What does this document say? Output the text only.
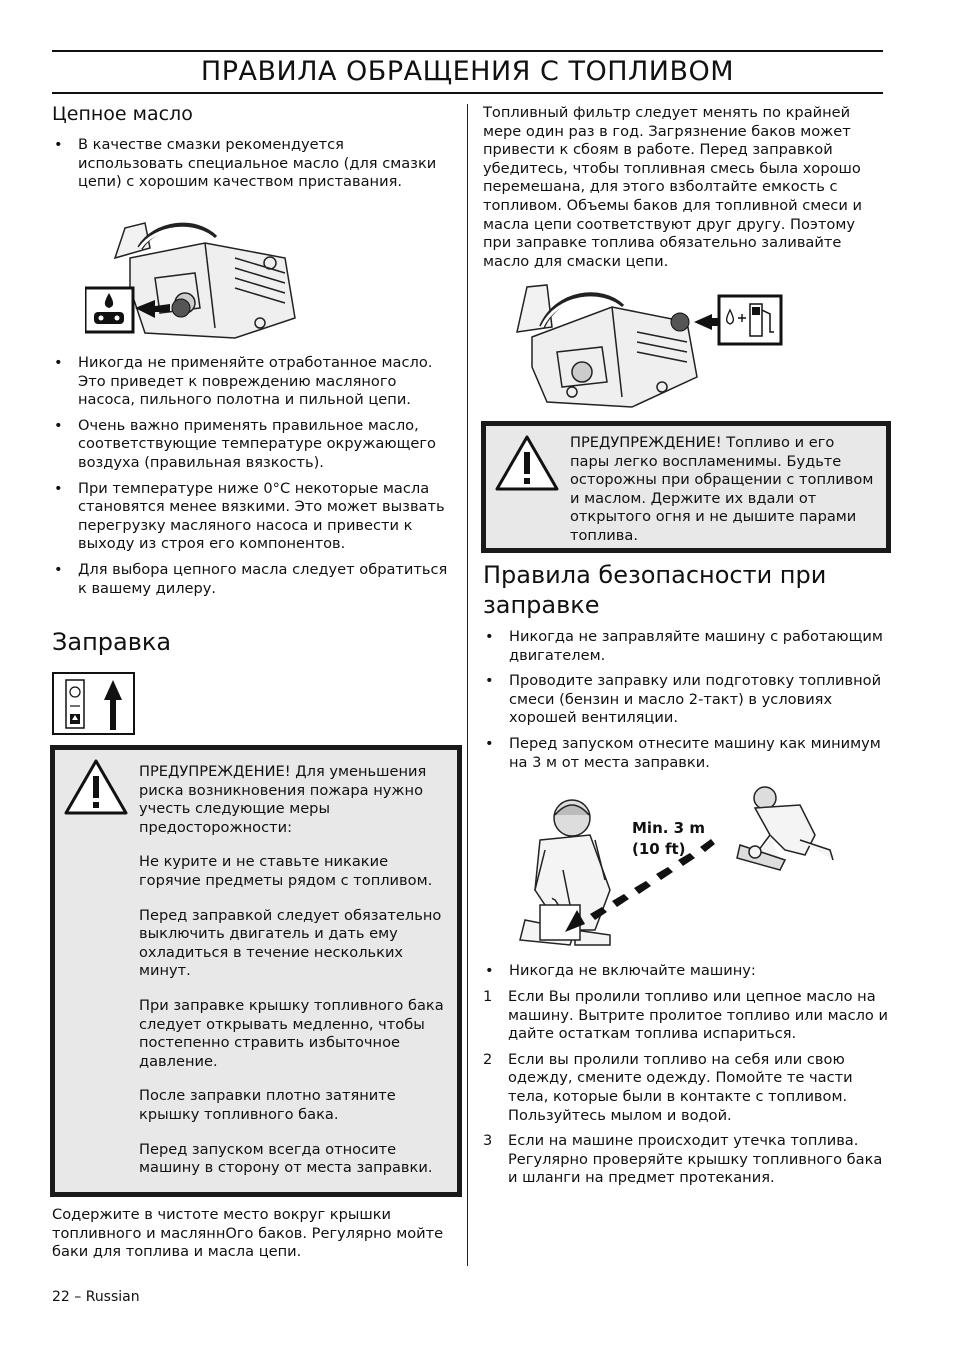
ПРАВИЛА ОБРАЩЕНИЯ С ТОПЛИВОМ
Цепное масло
• В качестве смазки рекомендуется использовать специальное масло (для смазки цепи) с хорошим качеством приставания.
• Никогда не применяйте отработанное масло. Это приведет к повреждению масляного насоса, пильного полотна и пильной цепи.
• Очень важно применять правильное масло, соответствующие температуре окружающего воздуха (правильная вязкость).
• При температуре ниже 0°C некоторые масла становятся менее вязкими. Это может вызвать перегрузку масляного насоса и привести к выходу из строя его компонентов.
• Для выбора цепного масла следует обратиться к вашему дилеру.
Заправка

ПРЕДУПРЕЖДЕНИЕ! Для уменьшения риска возникновения пожара нужно учесть следующие меры предосторожности:

Не курите и не ставьте никакие горячие предметы рядом с топливом.

Перед заправкой следует обязательно выключить двигатель и дать ему охладиться в течение нескольких минут.

При заправке крышку топливного бака следует открывать медленно, чтобы постепенно стравить избыточное давление.

После заправки плотно затяните крышку топливного бака.

Перед запуском всегда относите машину в сторону от места заправки.

Содержите в чистоте место вокруг крышки топливного и масляннОго баков. Регулярно мойте баки для топлива и масла цепи.
Топливный фильтр следует менять по крайней мере один раз в год. Загрязнение баков может привести к сбоям в работе. Перед заправкой убедитесь, чтобы топливная смесь была хорошо перемешана, для этого взболтайте емкость с топливом. Объемы баков для топливной смеси и масла цепи соответствуют друг другу. Поэтому при заправке топлива обязательно заливайте масло для смаски цепи.
ПРЕДУПРЕЖДЕНИЕ! Топливо и его пары легко воспламенимы. Будьте осторожны при обращении с топливом и маслом. Держите их вдали от открытого огня и не дышите парами топлива.
Правила безопасности при заправке
• Никогда не заправляйте машину с работающим двигателем.
• Проводите заправку или подготовку топливной смеси (бензин и масло 2-такт) в условиях хорошей вентиляции.
• Перед запуском отнесите машину как минимум на 3 м от места заправки.
Min. 3 m
(10 ft)
• Никогда не включайте машину:
1 Если Вы пролили топливо или цепное масло на машину. Вытрите пролитое топливо или масло и дайте остаткам топлива испариться.
2 Если вы пролили топливо на себя или свою одежду, смените одежду. Помойте те части тела, которые были в контакте с топливом. Пользуйтесь мылом и водой.
3 Если на машине происходит утечка топлива. Регулярно проверяйте крышку топливного бака и шланги на предмет протекания.
22 – Russian
